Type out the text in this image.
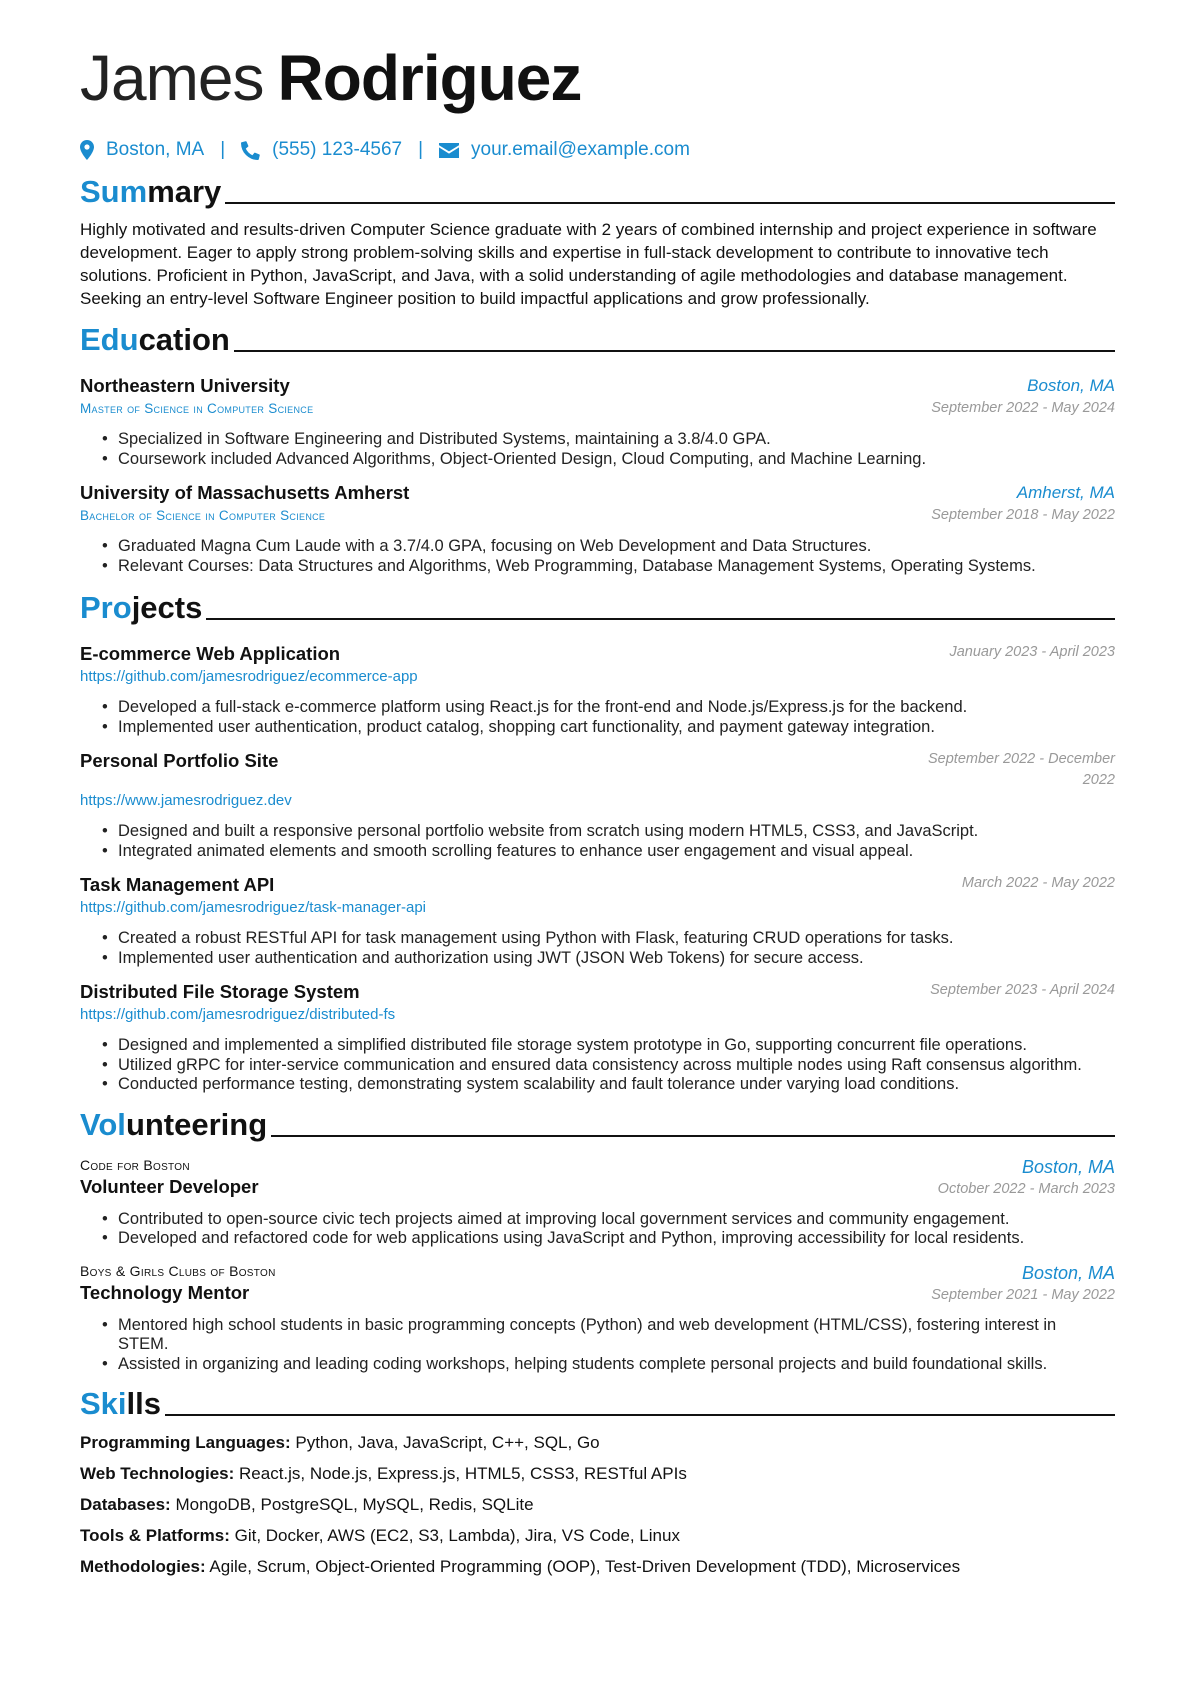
James Rodriguez
Boston, MA | (555) 123-4567 |	your.email@example.com
Summary

Highly motivated and results-driven Computer Science graduate with 2 years of combined internship and project experience in software development. Eager to apply strong problem-solving skills and expertise in full-stack development to contribute to innovative tech solutions. Proficient in Python, JavaScript, and Java, with a solid understanding of agile methodologies and database management. Seeking an entry-level Software Engineer position to build impactful applications and grow professionally.

Education
Northeastern University
Master of Science in Computer Science
Boston, MA
September 2022 - May 2024
• Specialized in Software Engineering and Distributed Systems, maintaining a 3.8/4.0 GPA.
• Coursework included Advanced Algorithms, Object-Oriented Design, Cloud Computing, and Machine Learning.
University of Massachusetts Amherst
Bachelor of Science in Computer Science
Amherst, MA
September 2018 - May 2022
• Graduated Magna Cum Laude with a 3.7/4.0 GPA, focusing on Web Development and Data Structures.
• Relevant Courses: Data Structures and Algorithms, Web Programming, Database Management Systems, Operating Systems.
Projects
E-commerce Web Application
https://github.com/jamesrodriguez/ecommerce-app
January 2023 - April 2023
• Developed a full-stack e-commerce platform using React.js for the front-end and Node.js/Express.js for the backend.
• Implemented user authentication, product catalog, shopping cart functionality, and payment gateway integration.
Personal Portfolio Site
https://www.jamesrodriguez.dev
September 2022 - December 2022
• Designed and built a responsive personal portfolio website from scratch using modern HTML5, CSS3, and JavaScript.
• Integrated animated elements and smooth scrolling features to enhance user engagement and visual appeal.
Task Management API
https://github.com/jamesrodriguez/task-manager-api
March 2022 - May 2022
• Created a robust RESTful API for task management using Python with Flask, featuring CRUD operations for tasks.
• Implemented user authentication and authorization using JWT (JSON Web Tokens) for secure access.
Distributed File Storage System
https://github.com/jamesrodriguez/distributed-fs
September 2023 - April 2024
• Designed and implemented a simplified distributed file storage system prototype in Go, supporting concurrent file operations.
• Utilized gRPC for inter-service communication and ensured data consistency across multiple nodes using Raft consensus algorithm.
• Conducted performance testing, demonstrating system scalability and fault tolerance under varying load conditions.
Volunteering
Code for Boston
Volunteer Developer
Boston, MA
October 2022 - March 2023
• Contributed to open-source civic tech projects aimed at improving local government services and community engagement.
• Developed and refactored code for web applications using JavaScript and Python, improving accessibility for local residents.
Boys & Girls Clubs of Boston
Technology Mentor
Boston, MA
September 2021 - May 2022
• Mentored high school students in basic programming concepts (Python) and web development (HTML/CSS), fostering interest in STEM.
• Assisted in organizing and leading coding workshops, helping students complete personal projects and build foundational skills.
Skills
Programming Languages: Python, Java, JavaScript, C++, SQL, Go
Web Technologies: React.js, Node.js, Express.js, HTML5, CSS3, RESTful APIs
Databases: MongoDB, PostgreSQL, MySQL, Redis, SQLite
Tools & Platforms: Git, Docker, AWS (EC2, S3, Lambda), Jira, VS Code, Linux
Methodologies: Agile, Scrum, Object-Oriented Programming (OOP), Test-Driven Development (TDD), Microservices
